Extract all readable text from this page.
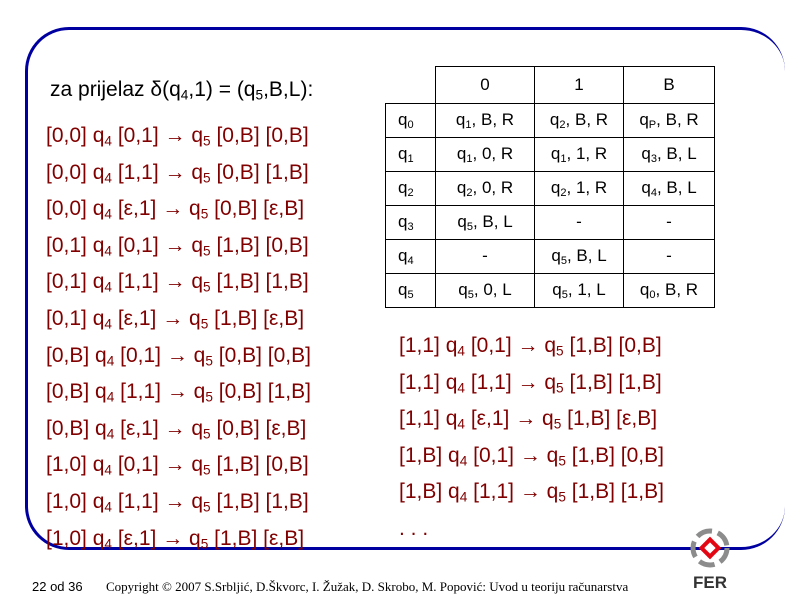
za prijelaz $\delta(q_4,1) = (q_5,B,L)$:
[0,0] $q_4$ $[0,1] \to q_5$ [0,B] [0,B]
[0,0] $q_4$ $[1,1] \to q_5$ [0,B] [1,B]
[0,0] $q_4$ $[\varepsilon,1] \to q_5$ [0,B] [ε,B]
[0,1] $q_4$ $[0,1] \to q_5$ [1,B] [0,B]
[0,1] $q_4$ $[1,1] \to q_5$ [1,B] [1,B]
[0,1] $q_4$ $[\varepsilon,1] \to q_5$ [1,B] [ε,B]
[0,B] $q_4$ $[0,1] \to q_5$ [0,B] [0,B]
[0,B] $q_4$ $[1,1] \to q_5$ [0,B] [1,B]
[0,B] $q_4$ $[\varepsilon,1] \to q_5$ [0,B] [ε,B]
[1,0] $q_4$ $[0,1] \to q_5$ [1,B] [0,B]
[1,0] $q_4$ $[1,1] \to q_5$ [1,B] [1,B]
[1,0] $q_4$ $[\varepsilon,1] \to q_5$ [1,B] [ε,B]
	0	1	B
$q_0$	$q_1$, B, R	$q_2$, B, R	$q_P$, B, R
$q_1$	$q_1$, 0, R	$q_1$, 1, R	$q_3$, B, L
$q_2$	$q_2$, 0, R	$q_2$, 1, R	$q_4$, B, L
$q_3$	$q_5$, B, L	-	-
$q_4$	-	$q_5$, B, L	-
$q_5$	$q_5$, 0, L	$q_5$, 1, L	$q_0$, B, R
[1,1] $q_4$ $[0,1] \to q_5$ [1,B] [0,B]
[1,1] $q_4$ $[1,1] \to q_5$ [1,B] [1,B]
[1,1] $q_4$ $[\varepsilon,1] \to q_5$ [1,B] [ε,B]
[1,B] $q_4$ $[0,1] \to q_5$ [1,B] [0,B]
[1,B] $q_4$ $[1,1] \to q_5$ [1,B] [1,B]
. . .
22 od 36 Copyright © 2007 S.Srbljić, D.Škvorc, I. Žužak, D. Skrobo, M. Popović: Uvod u teoriju računarstva	FER
